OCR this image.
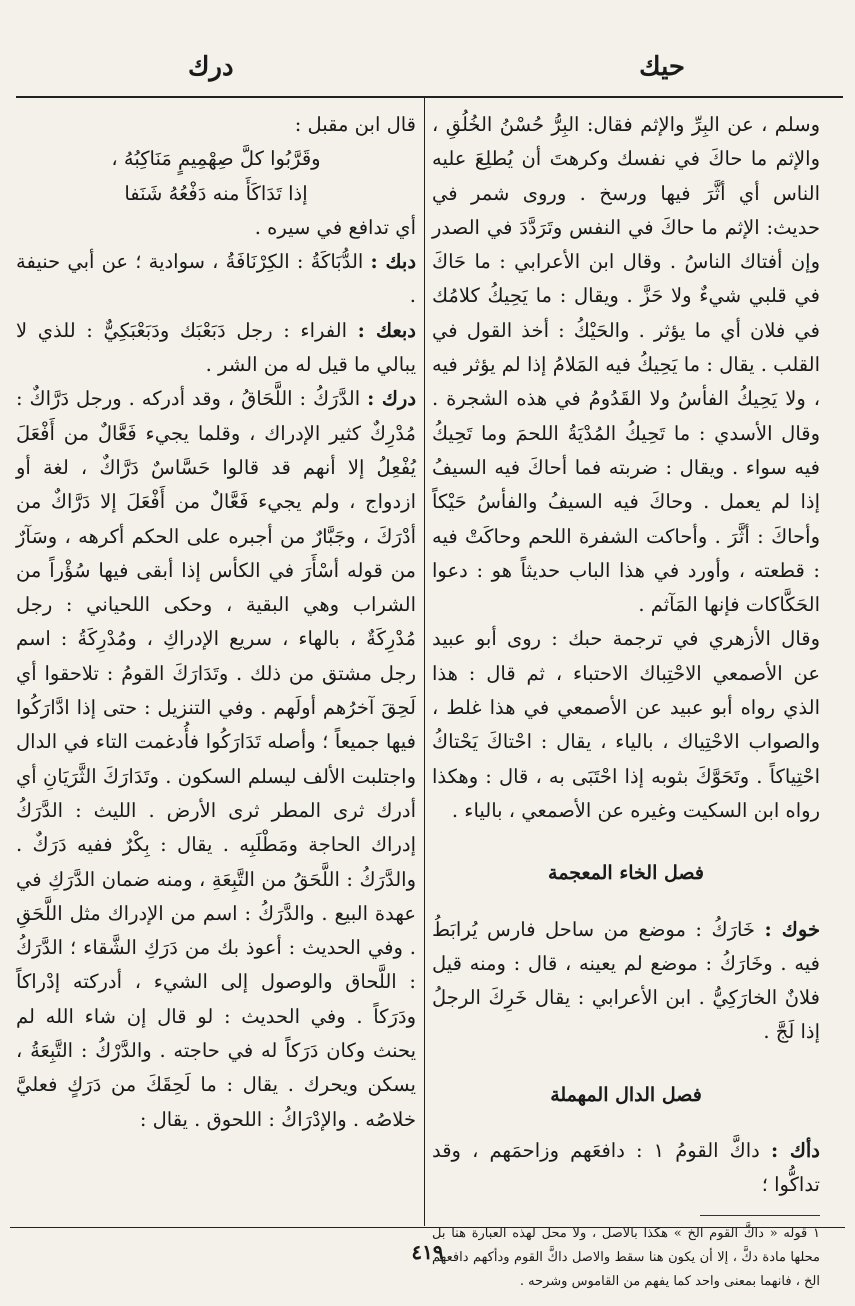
درك	حيك

وسلم ، عن البِرِّ والإثم فقال: البِرُّ حُسْنُ الخُلُقِ ، والإثم ما حاكَ في نفسك وكرهتَ أن يُطلِعَ عليه الناس أي أثَّرَ فيها ورسخ . وروى شمر في حديث: الإثم ما حاكَ في النفس وتَرَدَّدَ في الصدر وإن أفتاك الناسُ . وقال ابن الأعرابي : ما حَاكَ في قلبي شيءٌ ولا حَزَّ . ويقال : ما يَحِيكُ كلامُك في فلان أي ما يؤثر . والحَيْكُ : أخذ القول في القلب . يقال : ما يَحِيكُ فيه المَلامُ إذا لم يؤثر فيه ، ولا يَحِيكُ الفأسُ ولا القَدُومُ في هذه الشجرة . وقال الأسدي : ما تَحِيكُ المُدْيَةُ اللحمَ وما تَحِيكُ فيه سواء . ويقال : ضربته فما أحاكَ فيه السيفُ إذا لم يعمل . وحاكَ فيه السيفُ والفأسُ حَيْكاً وأحاكَ : أثَّرَ . وأحاكت الشفرة اللحم وحاكَتْ فيه : قطعته ، وأورد في هذا الباب حديثاً هو : دعوا الحَكَّاكات فإنها المَآثم .

وقال الأزهري في ترجمة حبك : روى أبو عبيد عن الأصمعي الاحْتِباك الاحتباء ، ثم قال : هذا الذي رواه أبو عبيد عن الأصمعي في هذا غلط ، والصواب الاحْتِياك ، بالياء ، يقال : احْتاكَ يَحْتاكُ احْتِياكاً . وتَحَوَّكَ بثوبه إذا احْتَبَى به ، قال : وهكذا رواه ابن السكيت وغيره عن الأصمعي ، بالياء .

فصل الخاء المعجمة

خوك : خَارَكُ : موضع من ساحل فارس يُرابَطُ فيه . وخَارَكُ : موضع لم يعينه ، قال : ومنه قيل فلانٌ الخارَكِيُّ . ابن الأعرابي : يقال خَرِكَ الرجلُ إذا لَجَّ .

فصل الدال المهملة

دأك : داكَّ القومُ ١ : دافعَهم وزاحمَهم ، وقد تداكُّوا ؛

١ قوله « داكَّ القوم الخ » هكذا بالاصل ، ولا محل لهذه العبارة هنا بل محلها مادة دكَّ ، إلا أن يكون هنا سقط والاصل داكَّ القوم ودأكهم دافعهم الخ ، فانهما بمعنى واحد كما يفهم من القاموس وشرحه .

قال ابن مقبل :

وقَرَّبُوا كلَّ صِهْمِيمٍ مَنَاكِبُهُ ،

إذا تَدَاكَأَ منه دَفْعُهُ شَنَفا

أي تدافع في سيره .

دبك : الدُّبَاكَةُ : الكِرْنَافَةُ ، سوادية ؛ عن أبي حنيفة .

دبعك : الفراء : رجل دَبَعْبَك ودَبَعْبَكِيٌّ : للذي لا يبالي ما قيل له من الشر .

درك : الدَّرَكُ : اللَّحَاقُ ، وقد أدركه . ورجل دَرَّاكٌ : مُدْرِكٌ كثير الإدراك ، وقلما يجيء فَعَّالٌ من أَفْعَلَ يُفْعِلُ إلا أنهم قد قالوا حَسَّاسٌ دَرَّاكٌ ، لغة أو ازدواج ، ولم يجيء فَعَّالٌ من أَفْعَلَ إلا دَرَّاكٌ من أدْرَكَ ، وجَبَّارٌ من أجبره على الحكم أكرهه ، وسَآرٌ من قوله أسْأَرَ في الكأس إذا أبقى فيها سُؤْراً من الشراب وهي البقية ، وحكى اللحياني : رجل مُدْرِكَةٌ ، بالهاء ، سريع الإدراكِ ، ومُدْرِكَةُ : اسم رجل مشتق من ذلك . وتَدَارَكَ القومُ : تلاحقوا أي لَحِقَ آخرُهم أولَهم . وفي التنزيل : حتى إذا ادَّارَكُوا فيها جميعاً ؛ وأصله تَدَارَكُوا فأُدغمت التاء في الدال واجتلبت الألف ليسلم السكون . وتَدَارَكَ الثَّرَيَانِ أي أدرك ثرى المطر ثرى الأرض . الليث : الدَّرَكُ إدراك الحاجة ومَطْلَبِه . يقال : بِكْرٌ ففيه دَرَكٌ . والدَّرَكُ : اللَّحَقُ من التَّبِعَةِ ، ومنه ضمان الدَّرَكِ في عهدة البيع . والدَّرَكُ : اسم من الإدراك مثل اللَّحَقِ . وفي الحديث : أعوذ بك من دَرَكِ الشَّقاء ؛ الدَّرَكُ : اللَّحاق والوصول إلى الشيء ، أدركته إدْراكاً ودَرَكاً . وفي الحديث : لو قال إن شاء الله لم يحنث وكان دَرَكاً له في حاجته . والدَّرْكُ : التَّبِعَةُ ، يسكن ويحرك . يقال : ما لَحِقَكَ من دَرَكٍ فعليَّ خلاصُه . والإدْرَاكُ : اللحوق . يقال :

٤١٩
